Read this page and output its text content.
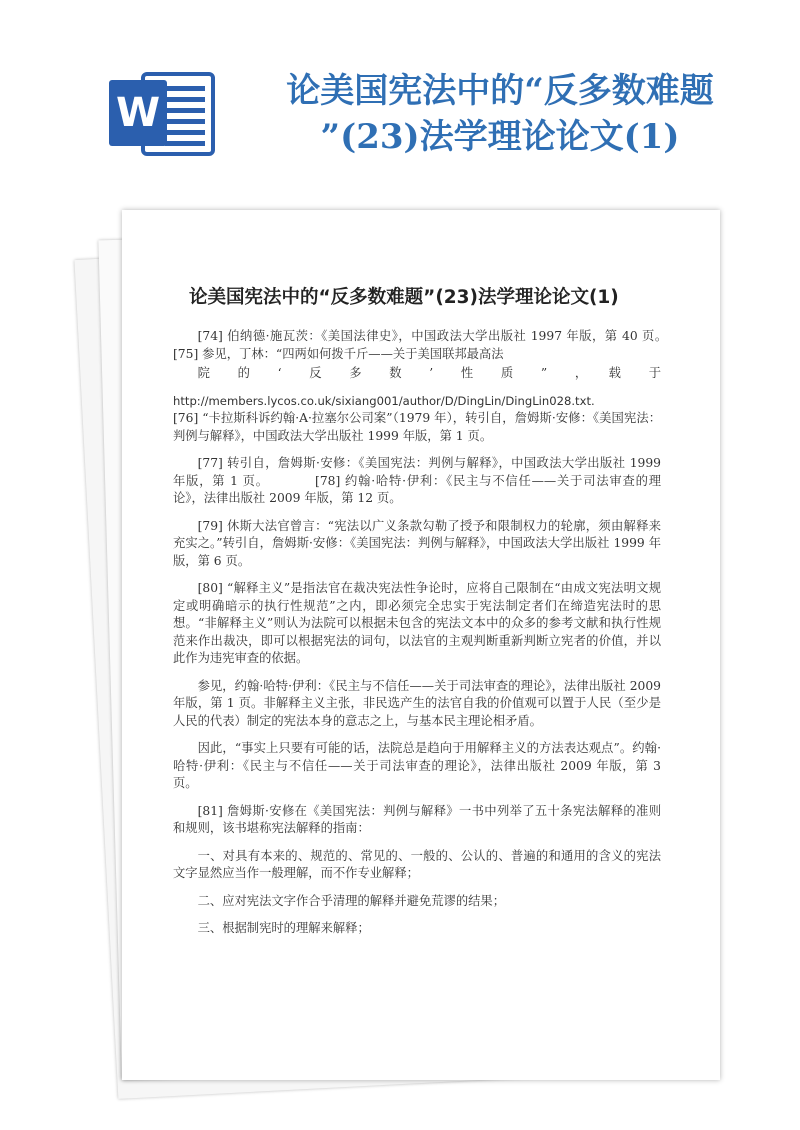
W	论美国宪法中的“反多数难题
”(23)法学理论论文(1)
论美国宪法中的“反多数难题”(23)法学理论论文(1)

[74] 伯纳德·施瓦茨：《美国法律史》，中国政法大学出版社 1997 年版，第 40 页。　　　　[75] 参见，丁林：“四两如何拨千斤——关于美国联邦最高法

院　的　‘　反　多　数　’　性　质　”　，　载　于

http://members.lycos.co.uk/sixiang001/author/D/DingLin/DingLin028.txt.

[76] “卡拉斯科诉约翰·A·拉塞尔公司案”（1979 年），转引自，詹姆斯·安修：《美国宪法：判例与解释》，中国政法大学出版社 1999 年版，第 1 页。

[77] 转引自，詹姆斯·安修：《美国宪法：判例与解释》，中国政法大学出版社 1999 年版，第 1 页。　　　　[78] 约翰·哈特·伊利：《民主与不信任——关于司法审查的理论》，法律出版社 2009 年版，第 12 页。

[79] 休斯大法官曾言：“宪法以广义条款勾勒了授予和限制权力的轮廓，须由解释来充实之。”转引自，詹姆斯·安修：《美国宪法：判例与解释》，中国政法大学出版社 1999 年版，第 6 页。

[80] “解释主义”是指法官在裁决宪法性争论时，应将自己限制在“由成文宪法明文规定或明确暗示的执行性规范”之内，即必须完全忠实于宪法制定者们在缔造宪法时的思想。“非解释主义”则认为法院可以根据未包含的宪法文本中的众多的参考文献和执行性规范来作出裁决，即可以根据宪法的词句，以法官的主观判断重新判断立宪者的价值，并以此作为违宪审查的依据。

参见，约翰·哈特·伊利：《民主与不信任——关于司法审查的理论》，法律出版社 2009 年版，第 1 页。非解释主义主张，非民选产生的法官自我的价值观可以置于人民（至少是人民的代表）制定的宪法本身的意志之上，与基本民主理论相矛盾。

因此，“事实上只要有可能的话，法院总是趋向于用解释主义的方法表达观点”。约翰·哈特·伊利：《民主与不信任——关于司法审查的理论》，法律出版社 2009 年版，第 3 页。

[81] 詹姆斯·安修在《美国宪法：判例与解释》一书中列举了五十条宪法解释的准则和规则，该书堪称宪法解释的指南：

一、对具有本来的、规范的、常见的、一般的、公认的、普遍的和通用的含义的宪法文字显然应当作一般理解，而不作专业解释；

二、应对宪法文字作合乎清理的解释并避免荒谬的结果；

三、根据制宪时的理解来解释；
